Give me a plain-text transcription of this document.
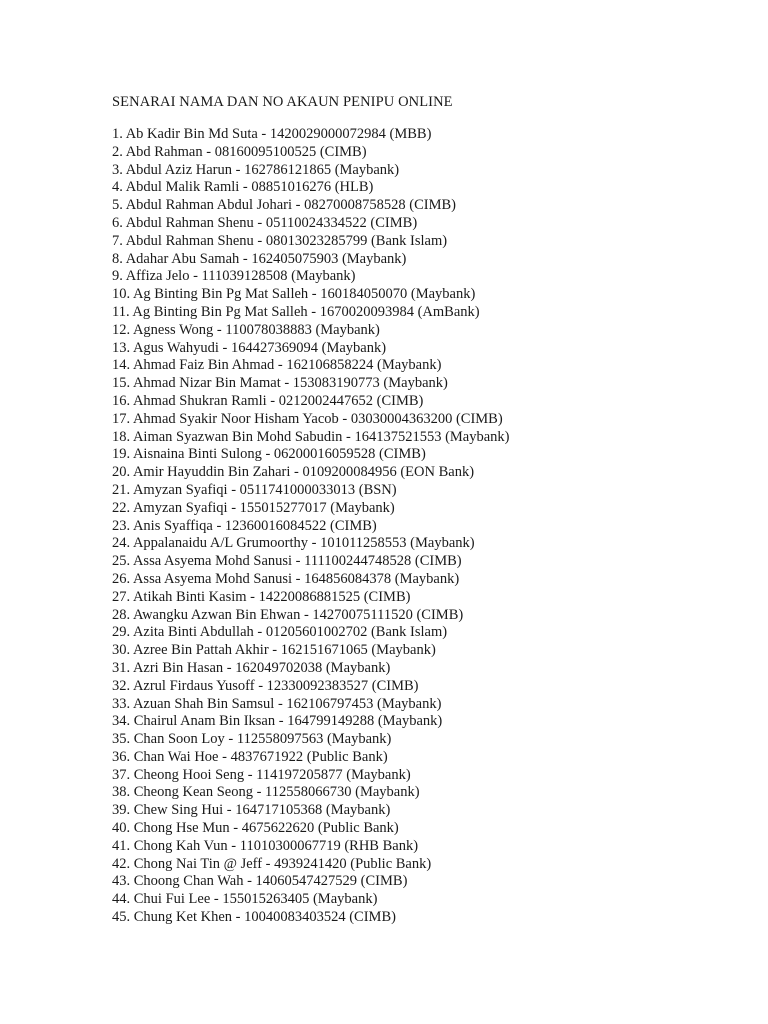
SENARAI NAMA DAN NO AKAUN PENIPU ONLINE
1. Ab Kadir Bin Md Suta - 1420029000072984 (MBB)
2. Abd Rahman - 08160095100525 (CIMB)
3. Abdul Aziz Harun - 162786121865 (Maybank)
4. Abdul Malik Ramli - 08851016276 (HLB)
5. Abdul Rahman Abdul Johari - 08270008758528 (CIMB)
6. Abdul Rahman Shenu - 05110024334522 (CIMB)
7. Abdul Rahman Shenu - 08013023285799 (Bank Islam)
8. Adahar Abu Samah - 162405075903 (Maybank)
9. Affiza Jelo - 111039128508 (Maybank)
10. Ag Binting Bin Pg Mat Salleh - 160184050070 (Maybank)
11. Ag Binting Bin Pg Mat Salleh - 1670020093984 (AmBank)
12. Agness Wong - 110078038883 (Maybank)
13. Agus Wahyudi - 164427369094 (Maybank)
14. Ahmad Faiz Bin Ahmad - 162106858224 (Maybank)
15. Ahmad Nizar Bin Mamat - 153083190773 (Maybank)
16. Ahmad Shukran Ramli - 0212002447652 (CIMB)
17. Ahmad Syakir Noor Hisham Yacob - 03030004363200 (CIMB)
18. Aiman Syazwan Bin Mohd Sabudin - 164137521553 (Maybank)
19. Aisnaina Binti Sulong - 06200016059528 (CIMB)
20. Amir Hayuddin Bin Zahari - 0109200084956 (EON Bank)
21. Amyzan Syafiqi - 0511741000033013 (BSN)
22. Amyzan Syafiqi - 155015277017 (Maybank)
23. Anis Syaffiqa - 12360016084522 (CIMB)
24. Appalanaidu A/L Grumoorthy - 101011258553 (Maybank)
25. Assa Asyema Mohd Sanusi - 111100244748528 (CIMB)
26. Assa Asyema Mohd Sanusi - 164856084378 (Maybank)
27. Atikah Binti Kasim - 14220086881525 (CIMB)
28. Awangku Azwan Bin Ehwan - 14270075111520 (CIMB)
29. Azita Binti Abdullah - 01205601002702 (Bank Islam)
30. Azree Bin Pattah Akhir - 162151671065 (Maybank)
31. Azri Bin Hasan - 162049702038 (Maybank)
32. Azrul Firdaus Yusoff - 12330092383527 (CIMB)
33. Azuan Shah Bin Samsul - 162106797453 (Maybank)
34. Chairul Anam Bin Iksan - 164799149288 (Maybank)
35. Chan Soon Loy - 112558097563 (Maybank)
36. Chan Wai Hoe - 4837671922 (Public Bank)
37. Cheong Hooi Seng - 114197205877 (Maybank)
38. Cheong Kean Seong - 112558066730 (Maybank)
39. Chew Sing Hui - 164717105368 (Maybank)
40. Chong Hse Mun - 4675622620 (Public Bank)
41. Chong Kah Vun - 11010300067719 (RHB Bank)
42. Chong Nai Tin @ Jeff - 4939241420 (Public Bank)
43. Choong Chan Wah - 14060547427529 (CIMB)
44. Chui Fui Lee - 155015263405 (Maybank)
45. Chung Ket Khen - 10040083403524 (CIMB)
